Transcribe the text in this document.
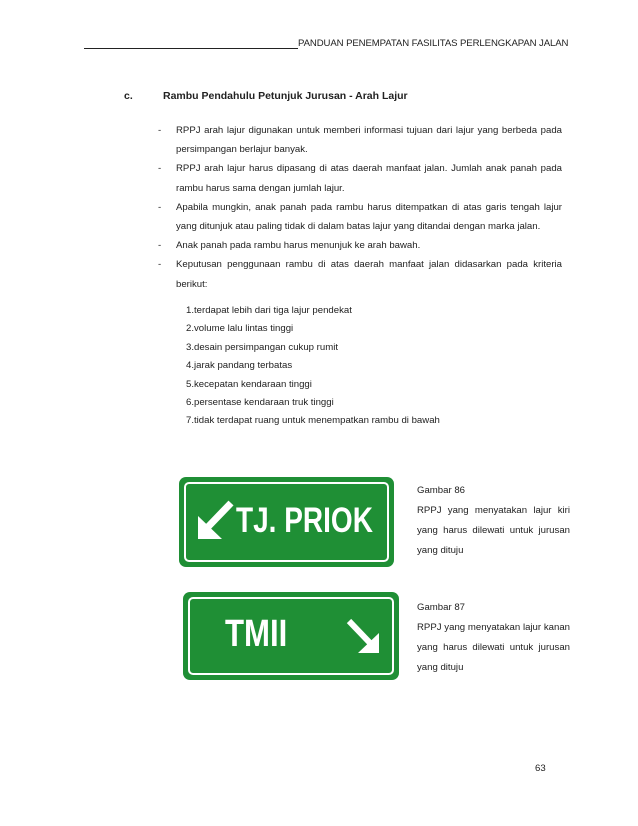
PANDUAN PENEMPATAN FASILITAS PERLENGKAPAN JALAN
c.	Rambu Pendahulu Petunjuk Jurusan - Arah Lajur
- RPPJ arah lajur digunakan untuk memberi informasi tujuan dari lajur yang berbeda pada persimpangan berlajur banyak.
- RPPJ arah lajur harus dipasang di atas daerah manfaat jalan. Jumlah anak panah pada rambu harus sama dengan jumlah lajur.
- Apabila mungkin, anak panah pada rambu harus ditempatkan di atas garis tengah lajur yang ditunjuk atau paling tidak di dalam batas lajur yang ditandai dengan marka jalan.
- Anak panah pada rambu harus menunjuk ke arah bawah.
- Keputusan penggunaan rambu di atas daerah manfaat jalan didasarkan pada kriteria berikut:
1.terdapat lebih dari tiga lajur pendekat
2.volume lalu lintas tinggi
3.desain persimpangan cukup rumit
4.jarak pandang terbatas
5.kecepatan kendaraan tinggi
6.persentase kendaraan truk tinggi
7.tidak terdapat ruang untuk menempatkan rambu di bawah
TJ. PRIOK
TMII
Gambar 86
RPPJ yang menyatakan lajur kiri yang harus dilewati untuk jurusan yang dituju
Gambar 87
RPPJ yang menyatakan lajur kanan yang harus dilewati untuk jurusan yang dituju
63
